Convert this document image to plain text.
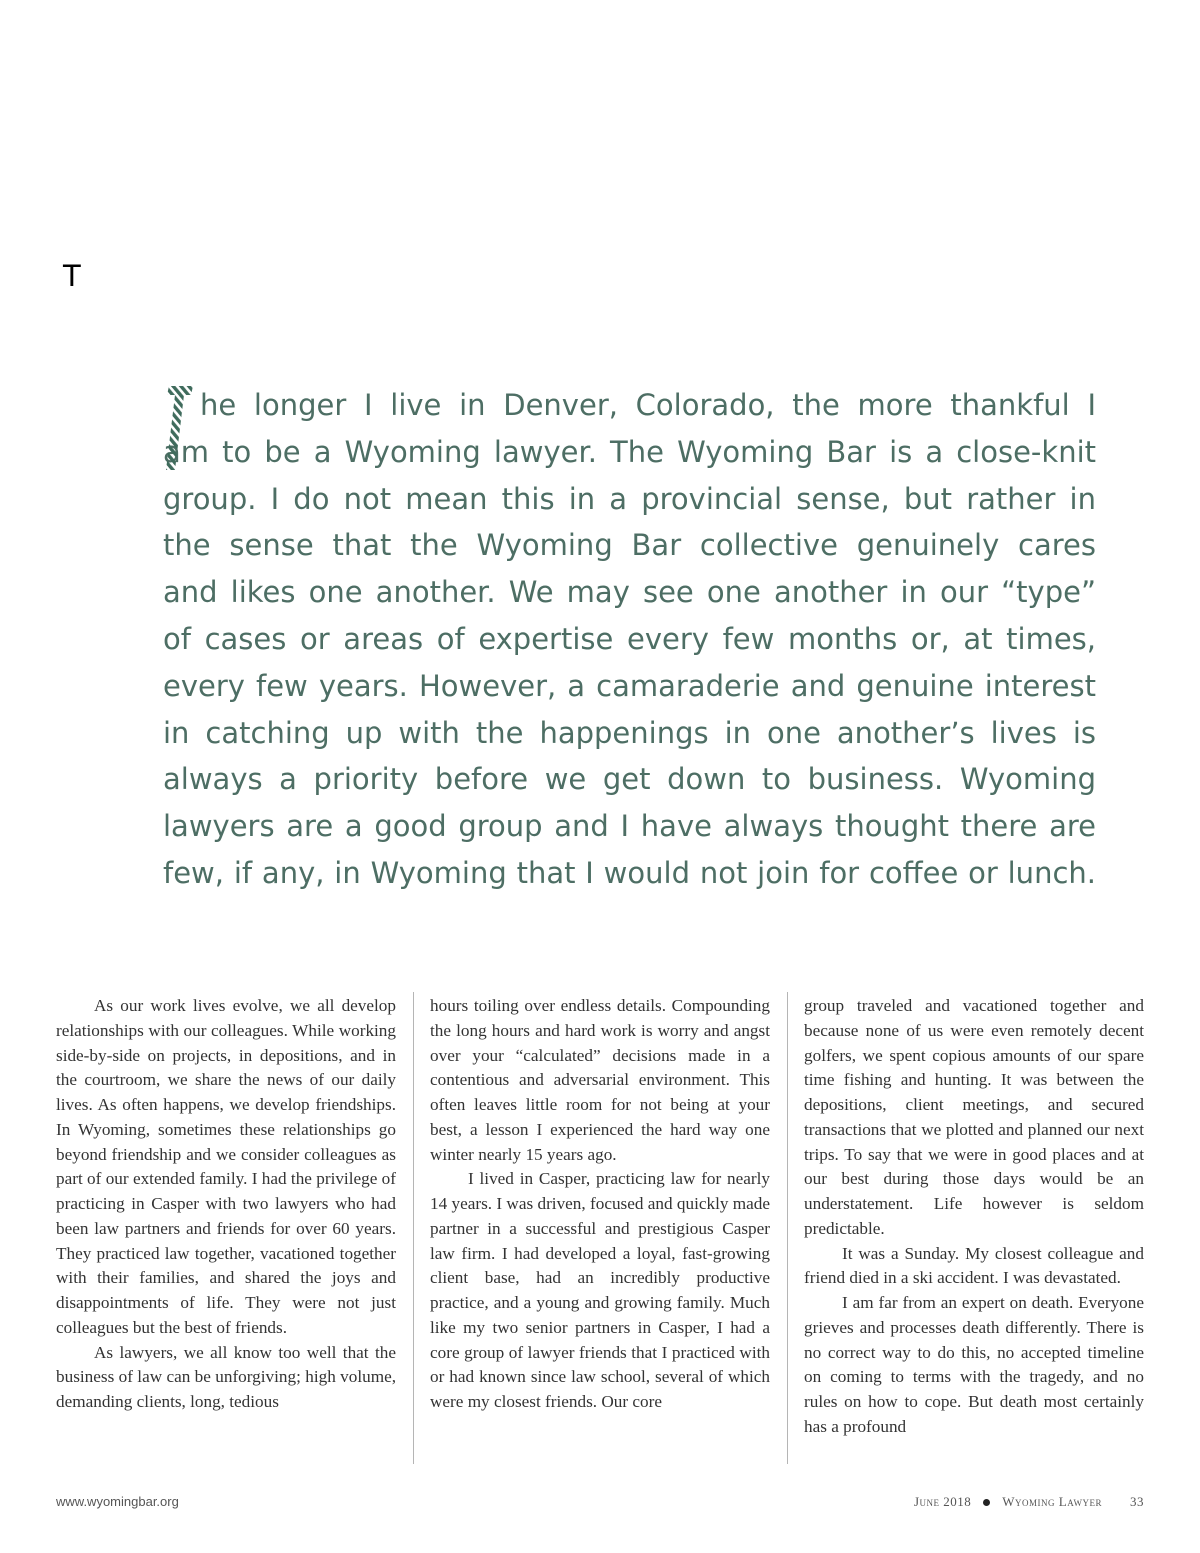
T
he longer I live in Denver, Colorado, the more thankful I
am to be a Wyoming lawyer. The Wyoming Bar is a close-knit
group. I do not mean this in a provincial sense, but rather in
the sense that the Wyoming Bar collective genuinely cares
and likes one another. We may see one another in our “type”
of cases or areas of expertise every few months or, at times,
every few years. However, a camaraderie and genuine interest
in catching up with the happenings in one another’s lives is
always a priority before we get down to business. Wyoming
lawyers are a good group and I have always thought there are
few, if any, in Wyoming that I would not join for coffee or lunch.

As our work lives evolve, we all develop relationships with our colleagues. While working side-by-side on projects, in depositions, and in the courtroom, we share the news of our daily lives. As often happens, we develop friendships. In Wyoming, sometimes these relationships go beyond friendship and we consider colleagues as part of our extended family. I had the privilege of practicing in Casper with two lawyers who had been law partners and friends for over 60 years. They practiced law together, vacationed together with their families, and shared the joys and disappointments of life. They were not just colleagues but the best of friends.

As lawyers, we all know too well that the business of law can be unforgiving; high volume, demanding clients, long, tedious

hours toiling over endless details. Compounding the long hours and hard work is worry and angst over your “calculated” decisions made in a contentious and adversarial environment. This often leaves little room for not being at your best, a lesson I experienced the hard way one winter nearly 15 years ago.

I lived in Casper, practicing law for nearly 14 years. I was driven, focused and quickly made partner in a successful and prestigious Casper law firm. I had developed a loyal, fast-growing client base, had an incredibly productive practice, and a young and growing family. Much like my two senior partners in Casper, I had a core group of lawyer friends that I practiced with or had known since law school, several of which were my closest friends. Our core

group traveled and vacationed together and because none of us were even remotely decent golfers, we spent copious amounts of our spare time fishing and hunting. It was between the depositions, client meetings, and secured transactions that we plotted and planned our next trips. To say that we were in good places and at our best during those days would be an understatement. Life however is seldom predictable.

It was a Sunday. My closest colleague and friend died in a ski accident. I was devastated.

I am far from an expert on death. Everyone grieves and processes death differently. There is no correct way to do this, no accepted timeline on coming to terms with the tragedy, and no rules on how to cope. But death most certainly has a profound

www.wyomingbar.org	June 2018 Wyoming Lawyer 33
